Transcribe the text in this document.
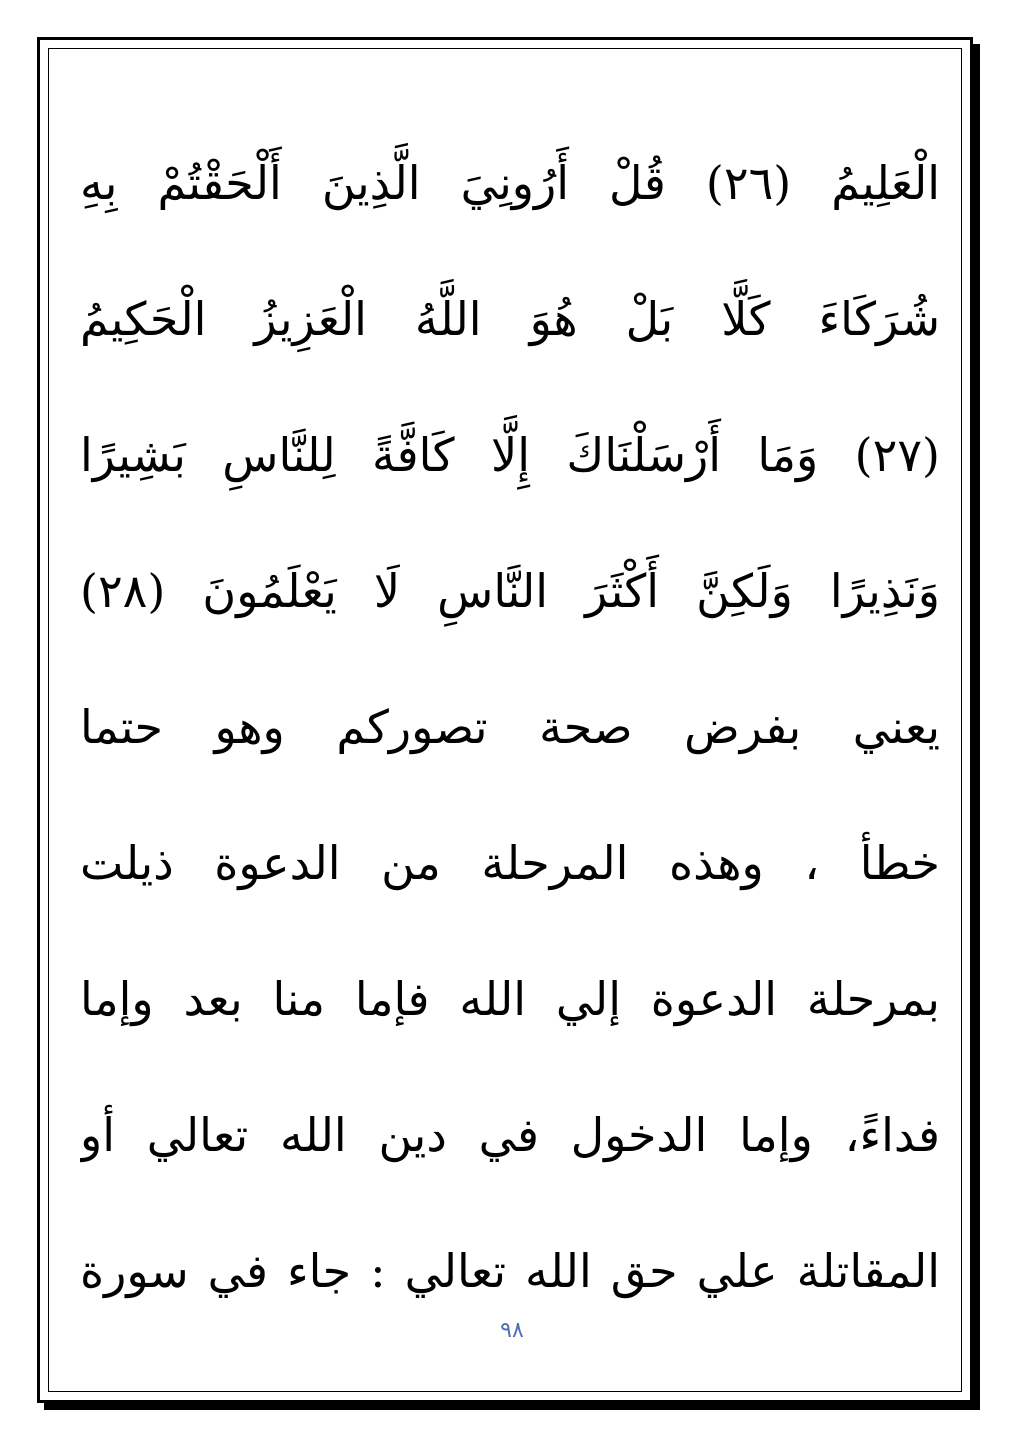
الْعَلِيمُ (٢٦) قُلْ أَرُونِيَ الَّذِينَ أَلْحَقْتُمْ بِهِ
شُرَكَاءَ كَلَّا بَلْ هُوَ اللَّهُ الْعَزِيزُ الْحَكِيمُ
(٢٧) وَمَا أَرْسَلْنَاكَ إِلَّا كَافَّةً لِلنَّاسِ بَشِيرًا
وَنَذِيرًا وَلَكِنَّ أَكْثَرَ النَّاسِ لَا يَعْلَمُونَ (٢٨)
يعني بفرض صحة تصوركم وهو حتما
خطأ ، وهذه المرحلة من الدعوة ذيلت
بمرحلة الدعوة إلي الله فإما منا بعد وإما
فداءً، وإما الدخول في دين الله تعالي أو
المقاتلة علي حق الله تعالي : جاء في سورة
٩٨
